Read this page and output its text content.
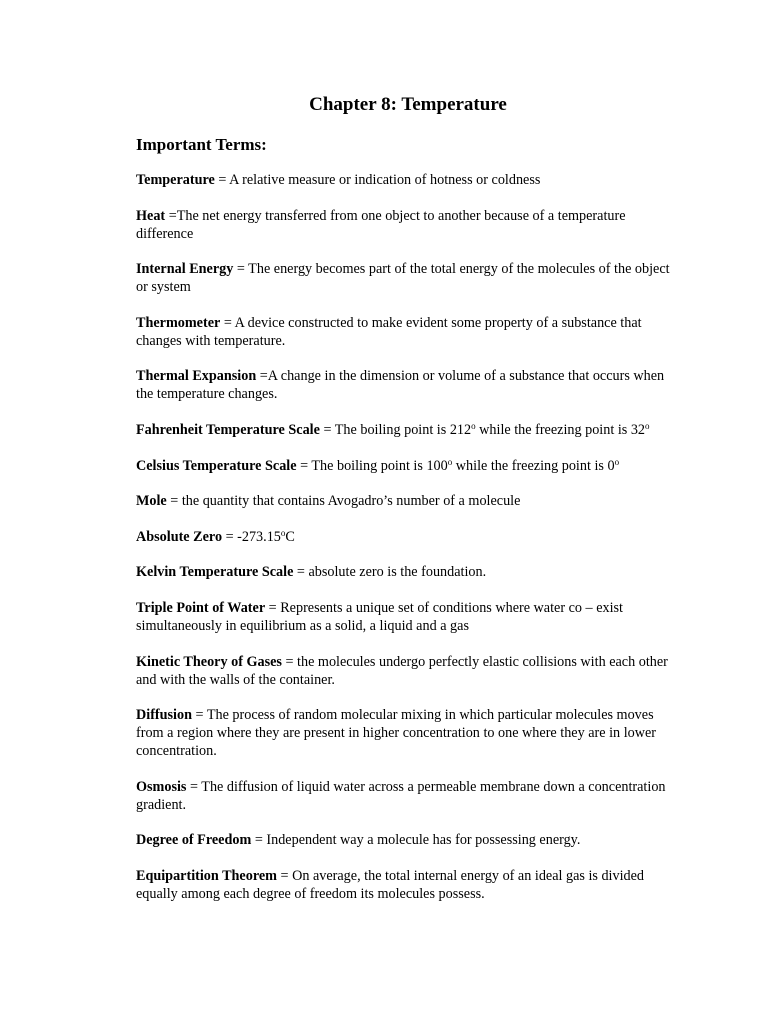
Chapter 8: Temperature
Important Terms:

Temperature = A relative measure or indication of hotness or coldness

Heat =The net energy transferred from one object to another because of a temperature difference

Internal Energy = The energy becomes part of the total energy of the molecules of the object or system

Thermometer = A device constructed to make evident some property of a substance that changes with temperature.

Thermal Expansion =A change in the dimension or volume of a substance that occurs when the temperature changes.

Fahrenheit Temperature Scale = The boiling point is 212$^o$ while the freezing point is 32$^o$

Celsius Temperature Scale = The boiling point is 100$^o$ while the freezing point is 0$^o$

Mole = the quantity that contains Avogadro’s number of a molecule

Absolute Zero = $-273.15^oC$

Kelvin Temperature Scale = absolute zero is the foundation.

Triple Point of Water = Represents a unique set of conditions where water co – exist simultaneously in equilibrium as a solid, a liquid and a gas

Kinetic Theory of Gases = the molecules undergo perfectly elastic collisions with each other and with the walls of the container.

Diffusion = The process of random molecular mixing in which particular molecules moves from a region where they are present in higher concentration to one where they are in lower concentration.

Osmosis = The diffusion of liquid water across a permeable membrane down a concentration gradient.

Degree of Freedom = Independent way a molecule has for possessing energy.

Equipartition Theorem = On average, the total internal energy of an ideal gas is divided equally among each degree of freedom its molecules possess.
